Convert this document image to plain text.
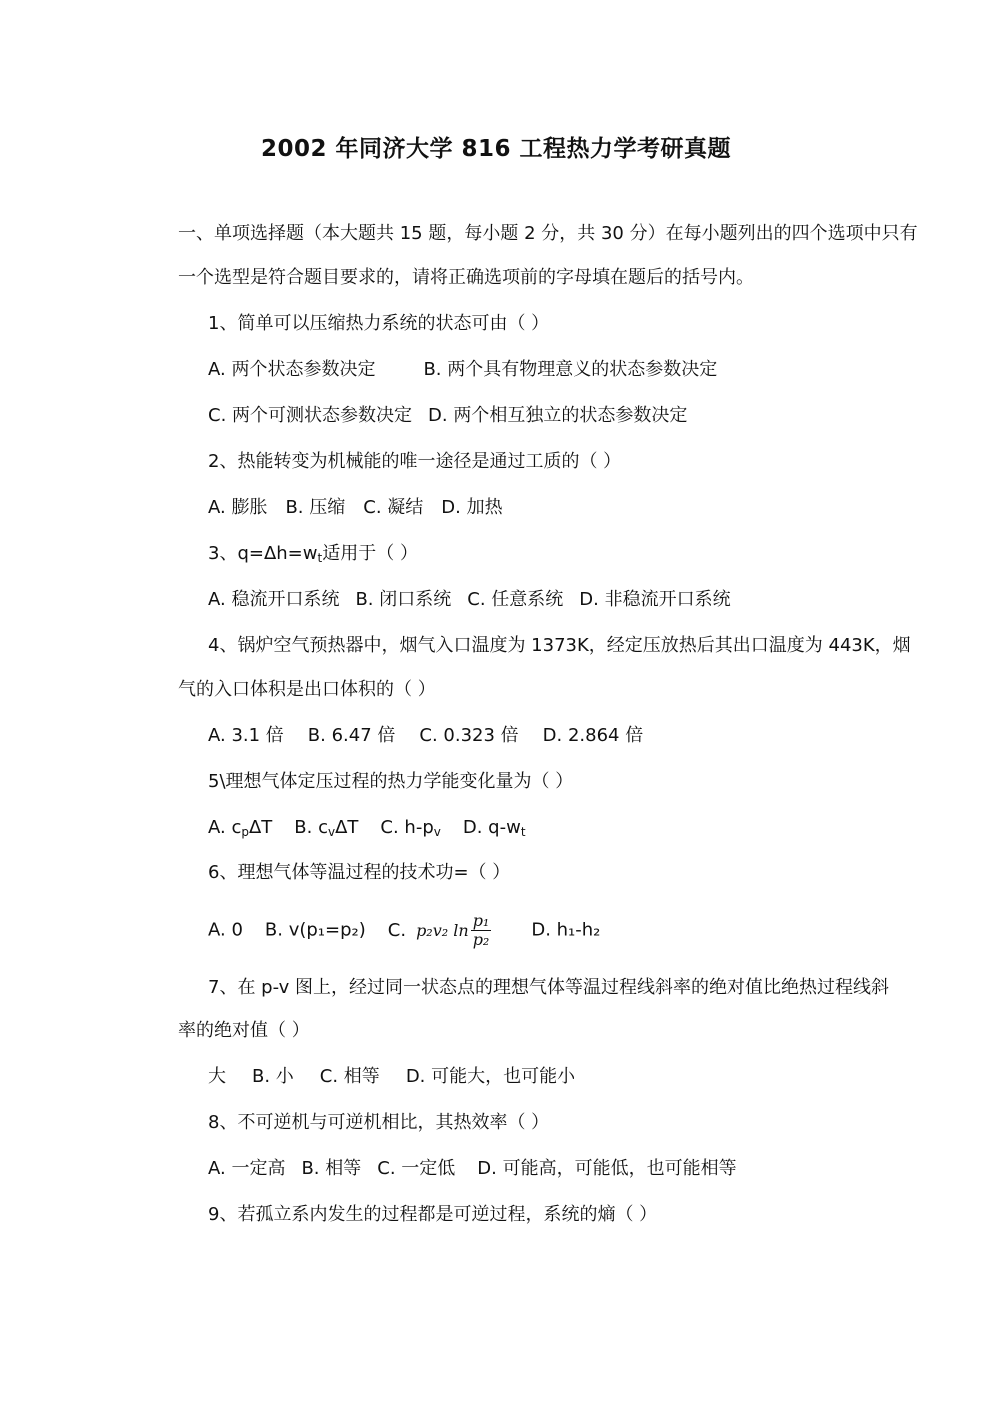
2002 年同济大学 816 工程热力学考研真题
一、单项选择题（本大题共 15 题，每小题 2 分，共 30 分）在每小题列出的四个选项中只有
一个选型是符合题目要求的，请将正确选项前的字母填在题后的括号内。
1、简单可以压缩热力系统的状态可由（ ）
A. 两个状态参数决定	B. 两个具有物理意义的状态参数决定
C. 两个可测状态参数决定 D. 两个相互独立的状态参数决定
2、热能转变为机械能的唯一途径是通过工质的（ ）
A. 膨胀 B. 压缩 C. 凝结 D. 加热
3、$q=\Delta h=w_t$适用于（ ）
A. 稳流开口系统 B. 闭口系统 C. 任意系统 D. 非稳流开口系统
4、锅炉空气预热器中，烟气入口温度为 1373K，经定压放热后其出口温度为 443K，烟
气的入口体积是出口体积的（ ）
A. 3.1 倍 B. 6.47 倍 C. 0.323 倍 D. 2.864 倍
5\理想气体定压过程的热力学能变化量为（ ）
A. $c_p\Delta T$ B. $c_v\Delta T$ C. $h-p_v$ D. $q-w_t$
6、理想气体等温过程的技术功=（ ）
A. 0 B. v(p₁=p₂) C. p₂v₂ $\ln \frac{\text{p₁}}{\text{p₂}} D$. h₁-h₂
7、在 p-v 图上，经过同一状态点的理想气体等温过程线斜率的绝对值比绝热过程线斜
率的绝对值（ ）
大 B. 小 C. 相等 D. 可能大，也可能小
8、不可逆机与可逆机相比，其热效率（ ）
A. 一定高 B. 相等 C. 一定低 D. 可能高，可能低，也可能相等
9、若孤立系内发生的过程都是可逆过程，系统的熵（ ）
